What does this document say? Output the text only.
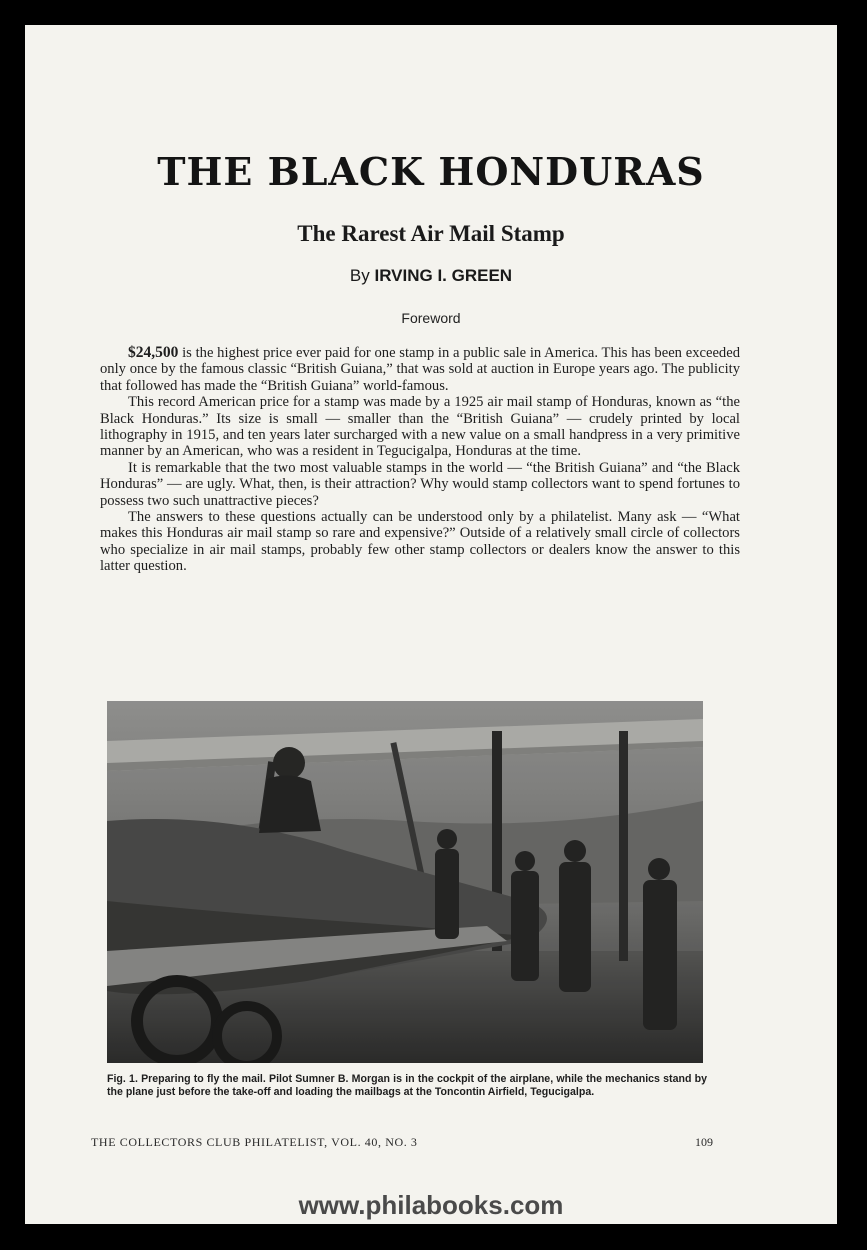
THE BLACK HONDURAS
The Rarest Air Mail Stamp
By IRVING I. GREEN
Foreword

$24,500 is the highest price ever paid for one stamp in a public sale in America. This has been exceeded only once by the famous classic “British Guiana,” that was sold at auction in Europe years ago. The publicity that followed has made the “British Guiana” world-famous.

This record American price for a stamp was made by a 1925 air mail stamp of Honduras, known as “the Black Honduras.” Its size is small — smaller than the “British Guiana” — crudely printed by local lithography in 1915, and ten years later surcharged with a new value on a small handpress in a very primitive manner by an American, who was a resident in Tegucigalpa, Honduras at the time.

It is remarkable that the two most valuable stamps in the world — “the British Guiana” and “the Black Honduras” — are ugly. What, then, is their attraction? Why would stamp collectors want to spend fortunes to possess two such unattractive pieces?

The answers to these questions actually can be understood only by a philatelist. Many ask — “What makes this Honduras air mail stamp so rare and expensive?” Outside of a relatively small circle of collectors who specialize in air mail stamps, probably few other stamp collectors or dealers know the answer to this latter question.

Fig. 1. Preparing to fly the mail. Pilot Sumner B. Morgan is in the cockpit of the airplane, while the mechanics stand by the plane just before the take-off and loading the mailbags at the Toncontin Airfield, Tegucigalpa.
THE COLLECTORS CLUB PHILATELIST, VOL. 40, NO. 3	109
www.philabooks.com
